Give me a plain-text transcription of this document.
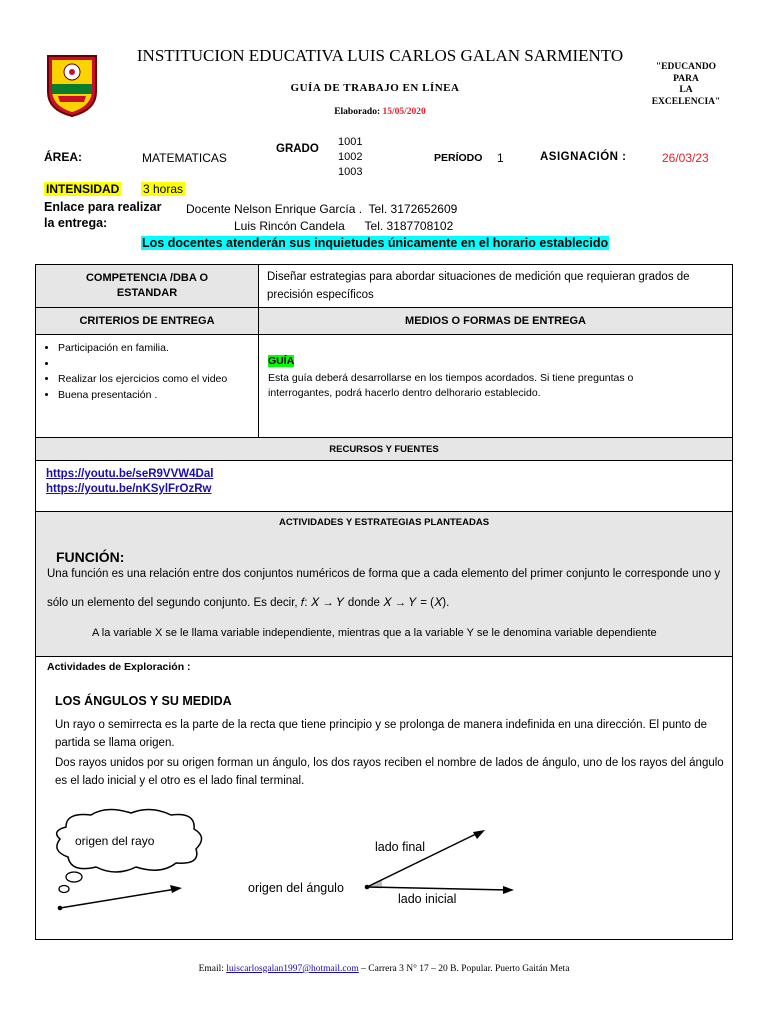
INSTITUCION EDUCATIVA LUIS CARLOS GALAN SARMIENTO
GUÍA DE TRABAJO EN LÍNEA
Elaborado: 15/05/2020
"EDUCANDO
PARA
LA
EXCELENCIA"
ÁREA:	MATEMATICAS
GRADO
1001
1002
1003
PERÍODO 1	ASIGNACIÓN :	26/03/23
INTENSIDAD 3 horas
Enlace para realizar
la entrega:
Docente Nelson Enrique García .  Tel. 3172652609
Luis Rincón Candela      Tel. 3187708102
Los docentes atenderán sus inquietudes únicamente en el horario establecido
COMPETENCIA /DBA O ESTANDAR
Diseñar estrategias para abordar situaciones de medición que requieran grados de precisión específicos
CRITERIOS DE ENTREGA	MEDIOS O FORMAS DE ENTREGA
• Participación en familia.
•
• Realizar los ejercicios como el video
• Buena presentación .
GUÍA
Esta guía deberá desarrollarse en los tiempos acordados. Si tiene preguntas o interrogantes, podrá hacerlo dentro delhorario establecido.
RECURSOS Y FUENTES
https://youtu.be/seR9VVW4Dal
https://youtu.be/nKSylFrOzRw
ACTIVIDADES Y ESTRATEGIAS PLANTEADAS
FUNCIÓN:
Una función es una relación entre dos conjuntos numéricos de forma que a cada elemento del primer conjunto le corresponde uno y
sólo un elemento del segundo conjunto. Es decir, 𝑓: 𝑋 → 𝑌 donde 𝑋 → 𝑌 = (𝑋).
A la variable X se le llama variable independiente, mientras que a la variable Y se le denomina variable dependiente
Actividades de Exploración :
LOS ÁNGULOS Y SU MEDIDA
Un rayo o semirrecta es la parte de la recta que tiene principio y se prolonga de manera indefinida en una dirección. El punto de partida se llama origen.
Dos rayos unidos por su origen forman un ángulo, los dos rayos reciben el nombre de lados de ángulo, uno de los rayos del ángulo es el lado inicial y el otro es el lado final terminal.
origen del rayo	lado final
origen del ángulo
lado inicial
Email: luiscarlosgalan1997@hotmail.com – Carrera 3 N° 17 – 20 B. Popular. Puerto Gaitán Meta
